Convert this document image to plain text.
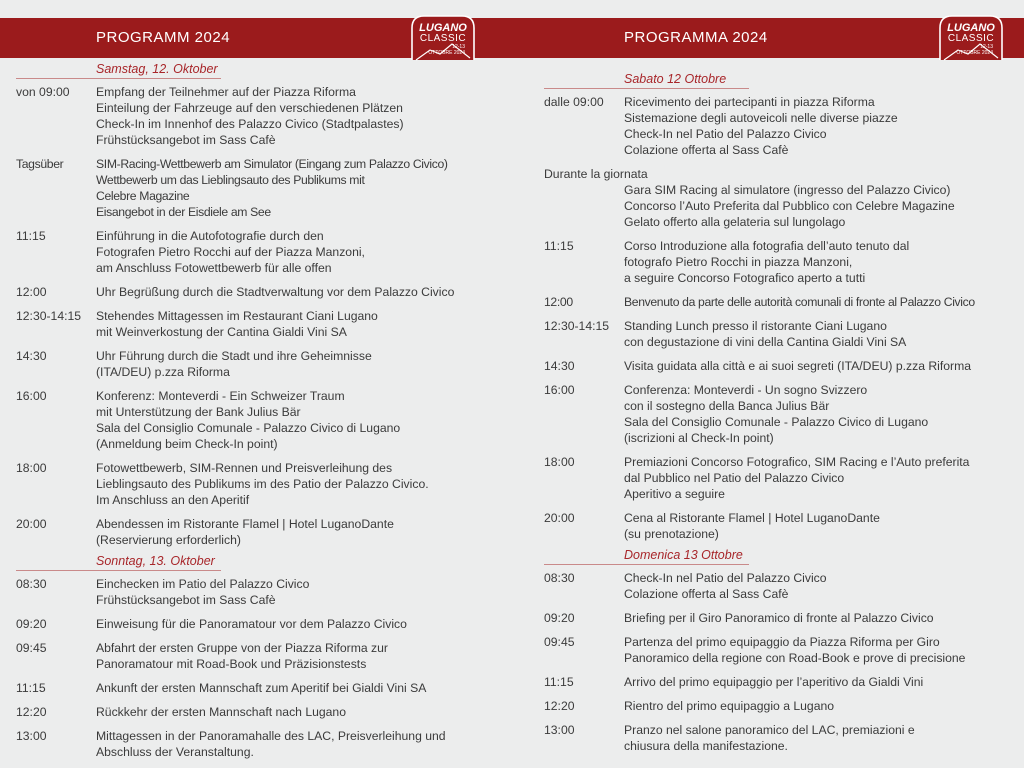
PROGRAMM 2024	PROGRAMMA 2024
LUGANO
CLASSIC
12-13
OTTOBRE 2024
LUGANO
CLASSIC
12-13
OTTOBRE 2024
Samstag, 12. Oktober
von 09:00	Empfang der Teilnehmer auf der Piazza Riforma
Einteilung der Fahrzeuge auf den verschiedenen Plätzen
Check-In im Innenhof des Palazzo Civico (Stadtpalastes)
Frühstücksangebot im Sass Cafè
Tagsüber	SIM-Racing-Wettbewerb am Simulator (Eingang zum Palazzo Civico)
Wettbewerb um das Lieblingsauto des Publikums mit
Celebre Magazine
Eisangebot in der Eisdiele am See
11:15	Einführung in die Autofotografie durch den
Fotografen Pietro Rocchi auf der Piazza Manzoni,
am Anschluss Fotowettbewerb für alle offen
12:00	Uhr Begrüßung durch die Stadtverwaltung vor dem Palazzo Civico
12:30-14:15	Stehendes Mittagessen im Restaurant Ciani Lugano
mit Weinverkostung der Cantina Gialdi Vini SA
14:30	Uhr Führung durch die Stadt und ihre Geheimnisse
(ITA/DEU) p.zza Riforma
16:00	Konferenz: Monteverdi - Ein Schweizer Traum
mit Unterstützung der Bank Julius Bär
Sala del Consiglio Comunale - Palazzo Civico di Lugano
(Anmeldung beim Check-In point)
18:00	Fotowettbewerb, SIM-Rennen und Preisverleihung des
Lieblingsauto des Publikums im des Patio der Palazzo Civico.
Im Anschluss an den Aperitif
20:00	Abendessen im Ristorante Flamel | Hotel LuganoDante
(Reservierung erforderlich)
Sonntag, 13. Oktober
08:30	Einchecken im Patio del Palazzo Civico
Frühstücksangebot im Sass Cafè
09:20	Einweisung für die Panoramatour vor dem Palazzo Civico
09:45	Abfahrt der ersten Gruppe von der Piazza Riforma zur
Panoramatour mit Road-Book und Präzisionstests
11:15	Ankunft der ersten Mannschaft zum Aperitif bei Gialdi Vini SA
12:20	Rückkehr der ersten Mannschaft nach Lugano
13:00	Mittagessen in der Panoramahalle des LAC, Preisverleihung und
Abschluss der Veranstaltung.
Sabato 12 Ottobre
dalle 09:00	Ricevimento dei partecipanti in piazza Riforma
Sistemazione degli autoveicoli nelle diverse piazze
Check-In nel Patio del Palazzo Civico
Colazione offerta al Sass Cafè
Durante la giornata
Gara SIM Racing al simulatore (ingresso del Palazzo Civico)
Concorso l’Auto Preferita dal Pubblico con Celebre Magazine
Gelato offerto alla gelateria sul lungolago
11:15	Corso Introduzione alla fotografia dell’auto tenuto dal
fotografo Pietro Rocchi in piazza Manzoni,
a seguire Concorso Fotografico aperto a tutti
12:00	Benvenuto da parte delle autorità comunali di fronte al Palazzo Civico
12:30-14:15	Standing Lunch presso il ristorante Ciani Lugano
con degustazione di vini della Cantina Gialdi Vini SA
14:30	Visita guidata alla città e ai suoi segreti (ITA/DEU) p.zza Riforma
16:00	Conferenza: Monteverdi - Un sogno Svizzero
con il sostegno della Banca Julius Bär
Sala del Consiglio Comunale - Palazzo Civico di Lugano
(iscrizioni al Check-In point)
18:00	Premiazioni Concorso Fotografico, SIM Racing e l’Auto preferita
dal Pubblico nel Patio del Palazzo Civico
Aperitivo a seguire
20:00	Cena al Ristorante Flamel | Hotel LuganoDante
(su prenotazione)
Domenica 13 Ottobre
08:30	Check-In nel Patio del Palazzo Civico
Colazione offerta al Sass Cafè
09:20	Briefing per il Giro Panoramico di fronte al Palazzo Civico
09:45	Partenza del primo equipaggio da Piazza Riforma per Giro
Panoramico della regione con Road-Book e prove di precisione
11:15	Arrivo del primo equipaggio per l’aperitivo da Gialdi Vini
12:20	Rientro del primo equipaggio a Lugano
13:00	Pranzo nel salone panoramico del LAC, premiazioni e
chiusura della manifestazione.
